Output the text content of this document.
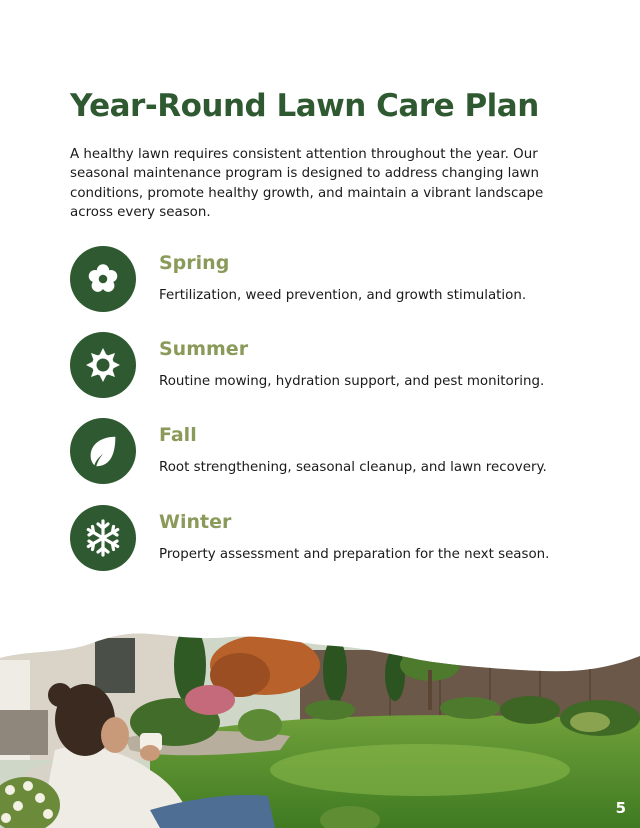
Year-Round Lawn Care Plan

A healthy lawn requires consistent attention throughout the year. Our seasonal maintenance program is designed to address changing lawn conditions, promote healthy growth, and maintain a vibrant landscape across every season.

Spring
Fertilization, weed prevention, and growth stimulation.
Summer
Routine mowing, hydration support, and pest monitoring.
Fall
Root strengthening, seasonal cleanup, and lawn recovery.
Winter
Property assessment and preparation for the next season.
5
